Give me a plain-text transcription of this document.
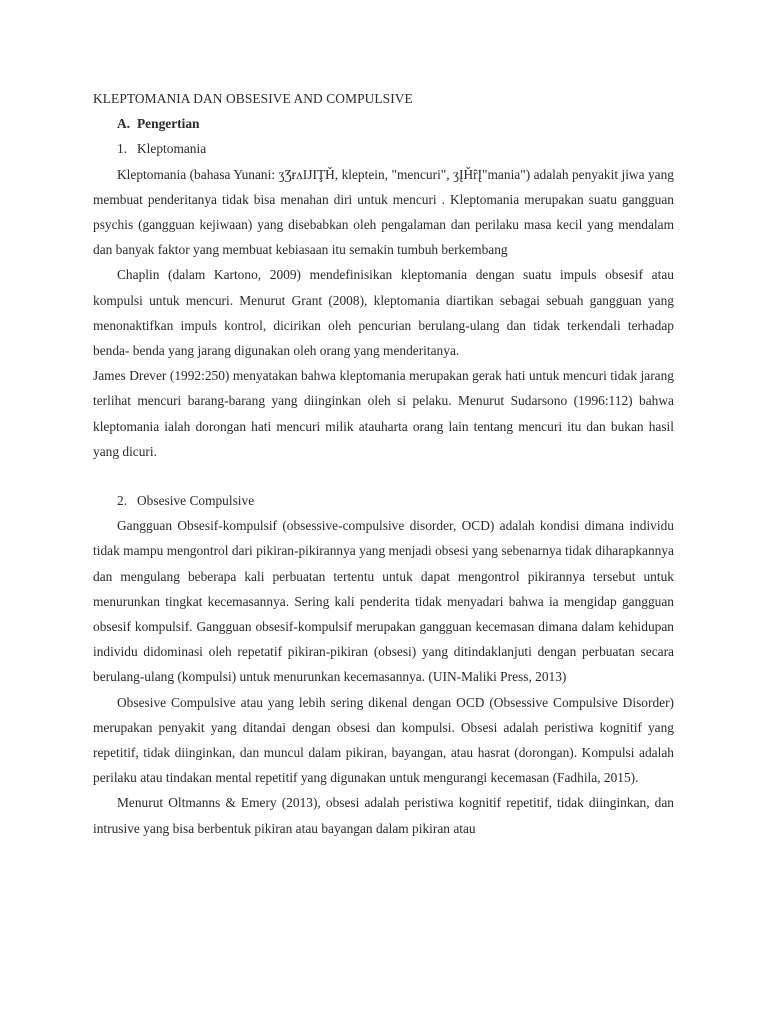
KLEPTOMANIA DAN OBSESIVE AND COMPULSIVE

A. Pengertian

1. Kleptomania

Kleptomania (bahasa Yunani: ʒƷɍʌIJIŢȞ, kleptein, "mencuri", ʒĮȞȓĮ"mania") adalah penyakit jiwa yang membuat penderitanya tidak bisa menahan diri untuk mencuri . Kleptomania merupakan suatu gangguan psychis (gangguan kejiwaan) yang disebabkan oleh pengalaman dan perilaku masa kecil yang mendalam dan banyak faktor yang membuat kebiasaan itu semakin tumbuh berkembang

Chaplin (dalam Kartono, 2009) mendefinisikan kleptomania dengan suatu impuls obsesif atau kompulsi untuk mencuri. Menurut Grant (2008), kleptomania diartikan sebagai sebuah gangguan yang menonaktifkan impuls kontrol, dicirikan oleh pencurian berulang-ulang dan tidak terkendali terhadap benda- benda yang jarang digunakan oleh orang yang menderitanya.

James Drever (1992:250) menyatakan bahwa kleptomania merupakan gerak hati untuk mencuri tidak jarang terlihat mencuri barang-barang yang diinginkan oleh si pelaku. Menurut Sudarsono (1996:112) bahwa kleptomania ialah dorongan hati mencuri milik atauharta orang lain tentang mencuri itu dan bukan hasil yang dicuri.

2. Obsesive Compulsive

Gangguan Obsesif-kompulsif (obsessive-compulsive disorder, OCD) adalah kondisi dimana individu tidak mampu mengontrol dari pikiran-pikirannya yang menjadi obsesi yang sebenarnya tidak diharapkannya dan mengulang beberapa kali perbuatan tertentu untuk dapat mengontrol pikirannya tersebut untuk menurunkan tingkat kecemasannya. Sering kali penderita tidak menyadari bahwa ia mengidap gangguan obsesif kompulsif. Gangguan obsesif-kompulsif merupakan gangguan kecemasan dimana dalam kehidupan individu didominasi oleh repetatif pikiran-pikiran (obsesi) yang ditindaklanjuti dengan perbuatan secara berulang-ulang (kompulsi) untuk menurunkan kecemasannya. (UIN-Maliki Press, 2013)

Obsesive Compulsive atau yang lebih sering dikenal dengan OCD (Obsessive Compulsive Disorder) merupakan penyakit yang ditandai dengan obsesi dan kompulsi. Obsesi adalah peristiwa kognitif yang repetitif, tidak diinginkan, dan muncul dalam pikiran, bayangan, atau hasrat (dorongan). Kompulsi adalah perilaku atau tindakan mental repetitif yang digunakan untuk mengurangi kecemasan (Fadhila, 2015).

Menurut Oltmanns & Emery (2013), obsesi adalah peristiwa kognitif repetitif, tidak diinginkan, dan intrusive yang bisa berbentuk pikiran atau bayangan dalam pikiran atau
